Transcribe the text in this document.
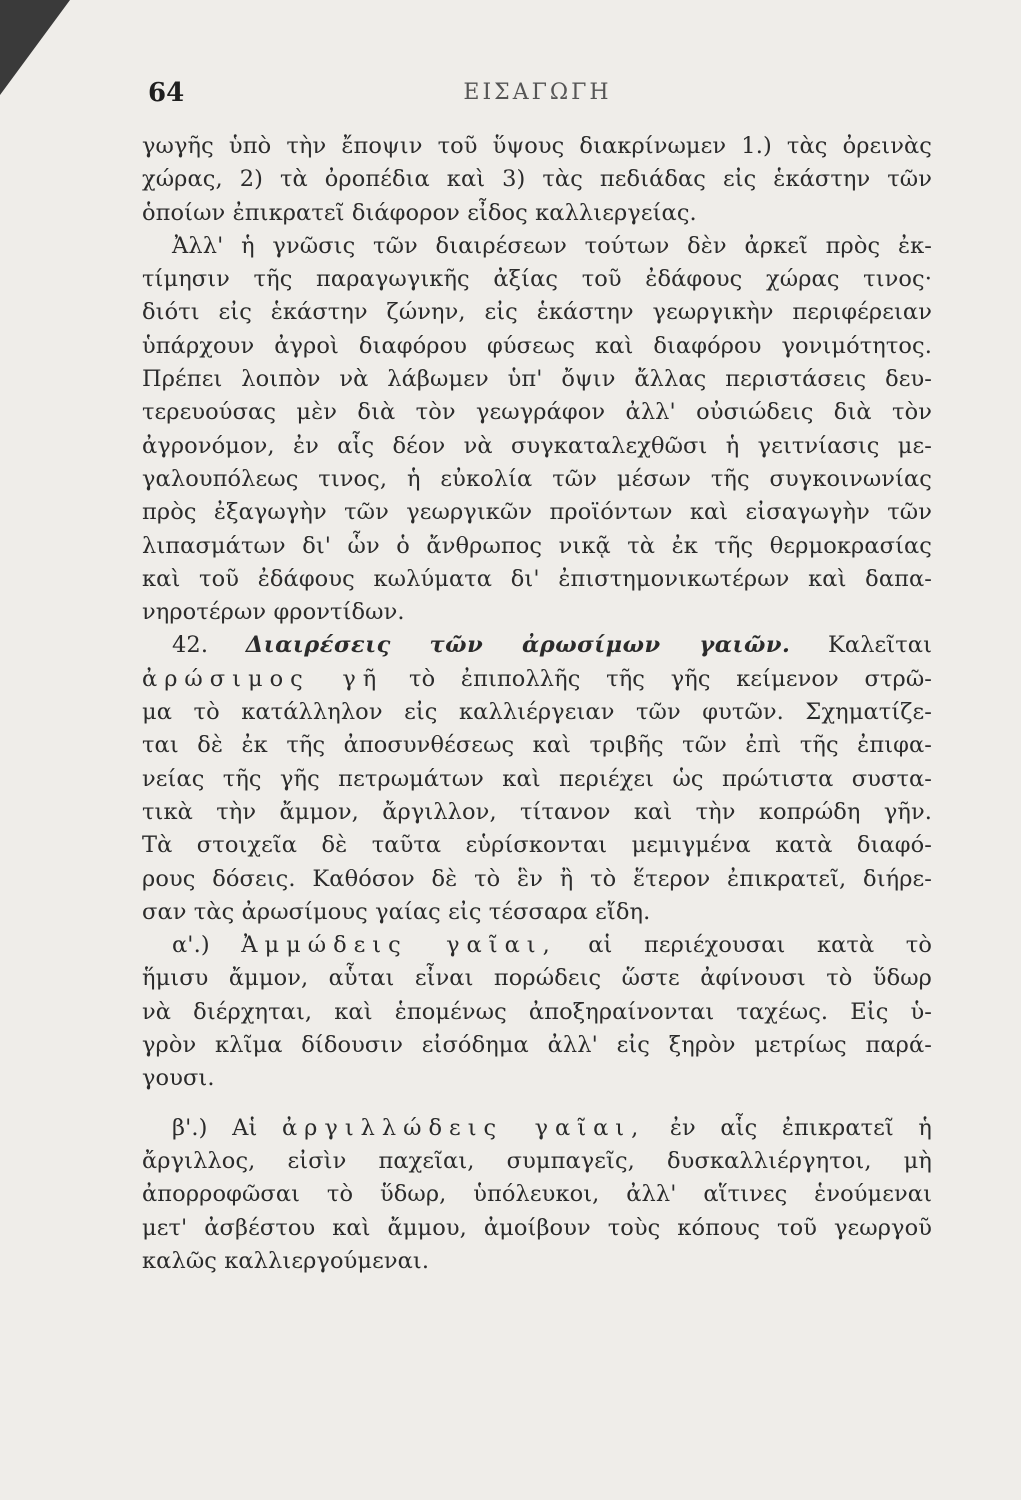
64	ΕΙΣΑΓΩΓΗ
γωγῆς ὑπὸ τὴν ἔποψιν τοῦ ὕψους διακρίνωμεν 1.) τὰς ὀρεινὰς
χώρας, 2) τὰ ὀροπέδια καὶ 3) τὰς πεδιάδας εἰς ἑκάστην τῶν
ὁποίων ἐπικρατεῖ διάφορον εἶδος καλλιεργείας.
Ἀλλ' ἡ γνῶσις τῶν διαιρέσεων τούτων δὲν ἀρκεῖ πρὸς ἐκ-
τίμησιν τῆς παραγωγικῆς ἀξίας τοῦ ἐδάφους χώρας τινος·
διότι εἰς ἑκάστην ζώνην, εἰς ἑκάστην γεωργικὴν περιφέρειαν
ὑπάρχουν ἀγροὶ διαφόρου φύσεως καὶ διαφόρου γονιμότητος.
Πρέπει λοιπὸν νὰ λάβωμεν ὑπ' ὄψιν ἄλλας περιστάσεις δευ-
τερευούσας μὲν διὰ τὸν γεωγράφον ἀλλ' οὐσιώδεις διὰ τὸν
ἀγρονόμον, ἐν αἷς δέον νὰ συγκαταλεχθῶσι ἡ γειτνίασις με-
γαλουπόλεως τινος, ἡ εὐκολία τῶν μέσων τῆς συγκοινωνίας
πρὸς ἐξαγωγὴν τῶν γεωργικῶν προϊόντων καὶ εἰσαγωγὴν τῶν
λιπασμάτων δι' ὧν ὁ ἄνθρωπος νικᾷ τὰ ἐκ τῆς θερμοκρασίας
καὶ τοῦ ἐδάφους κωλύματα δι' ἐπιστημονικωτέρων καὶ δαπα-
νηροτέρων φροντίδων.
42. Διαιρέσεις τῶν ἀρωσίμων γαιῶν. Καλεῖται
ἀρώσιμος γῆ τὸ ἐπιπολλῆς τῆς γῆς κείμενον στρῶ-
μα τὸ κατάλληλον εἰς καλλιέργειαν τῶν φυτῶν. Σχηματίζε-
ται δὲ ἐκ τῆς ἀποσυνθέσεως καὶ τριβῆς τῶν ἐπὶ τῆς ἐπιφα-
νείας τῆς γῆς πετρωμάτων καὶ περιέχει ὡς πρώτιστα συστα-
τικὰ τὴν ἄμμον, ἄργιλλον, τίτανον καὶ τὴν κοπρώδη γῆν.
Τὰ στοιχεῖα δὲ ταῦτα εὑρίσκονται μεμιγμένα κατὰ διαφό-
ρους δόσεις. Καθόσον δὲ τὸ ἓν ἢ τὸ ἕτερον ἐπικρατεῖ, διήρε-
σαν τὰς ἀρωσίμους γαίας εἰς τέσσαρα εἴδη.
α'.) Ἀμμώδεις γαῖαι, αἱ περιέχουσαι κατὰ τὸ
ἥμισυ ἄμμον, αὗται εἶναι πορώδεις ὥστε ἀφίνουσι τὸ ὕδωρ
νὰ διέρχηται, καὶ ἑπομένως ἀποξηραίνονται ταχέως. Εἰς ὑ-
γρὸν κλῖμα δίδουσιν εἰσόδημα ἀλλ' εἰς ξηρὸν μετρίως παρά-
γουσι.
β'.) Αἱ ἀργιλλώδεις γαῖαι, ἐν αἷς ἐπικρατεῖ ἡ
ἄργιλλος, εἰσὶν παχεῖαι, συμπαγεῖς, δυσκαλλιέργητοι, μὴ
ἀπορροφῶσαι τὸ ὕδωρ, ὑπόλευκοι, ἀλλ' αἵτινες ἑνούμεναι
μετ' ἀσβέστου καὶ ἄμμου, ἀμοίβουν τοὺς κόπους τοῦ γεωργοῦ
καλῶς καλλιεργούμεναι.
